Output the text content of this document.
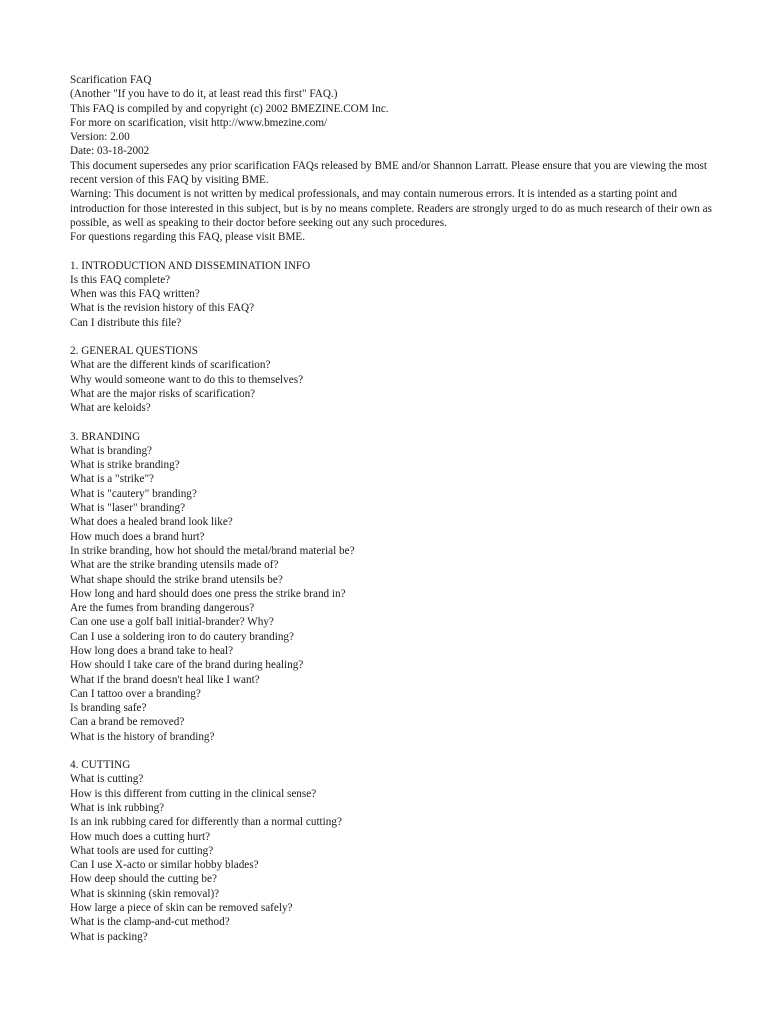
Scarification FAQ
(Another "If you have to do it, at least read this first" FAQ.)
This FAQ is compiled by and copyright (c) 2002 BMEZINE.COM Inc.
For more on scarification, visit http://www.bmezine.com/
Version: 2.00
Date: 03-18-2002
This document supersedes any prior scarification FAQs released by BME and/or Shannon Larratt. Please ensure that you are viewing the most recent version of this FAQ by visiting BME.
Warning: This document is not written by medical professionals, and may contain numerous errors. It is intended as a starting point and introduction for those interested in this subject, but is by no means complete. Readers are strongly urged to do as much research of their own as possible, as well as speaking to their doctor before seeking out any such procedures.
For questions regarding this FAQ, please visit BME.
1. INTRODUCTION AND DISSEMINATION INFO
Is this FAQ complete?
When was this FAQ written?
What is the revision history of this FAQ?
Can I distribute this file?
2. GENERAL QUESTIONS
What are the different kinds of scarification?
Why would someone want to do this to themselves?
What are the major risks of scarification?
What are keloids?
3. BRANDING
What is branding?
What is strike branding?
What is a "strike"?
What is "cautery" branding?
What is "laser" branding?
What does a healed brand look like?
How much does a brand hurt?
In strike branding, how hot should the metal/brand material be?
What are the strike branding utensils made of?
What shape should the strike brand utensils be?
How long and hard should does one press the strike brand in?
Are the fumes from branding dangerous?
Can one use a golf ball initial-brander? Why?
Can I use a soldering iron to do cautery branding?
How long does a brand take to heal?
How should I take care of the brand during healing?
What if the brand doesn't heal like I want?
Can I tattoo over a branding?
Is branding safe?
Can a brand be removed?
What is the history of branding?
4. CUTTING
What is cutting?
How is this different from cutting in the clinical sense?
What is ink rubbing?
Is an ink rubbing cared for differently than a normal cutting?
How much does a cutting hurt?
What tools are used for cutting?
Can I use X-acto or similar hobby blades?
How deep should the cutting be?
What is skinning (skin removal)?
How large a piece of skin can be removed safely?
What is the clamp-and-cut method?
What is packing?
